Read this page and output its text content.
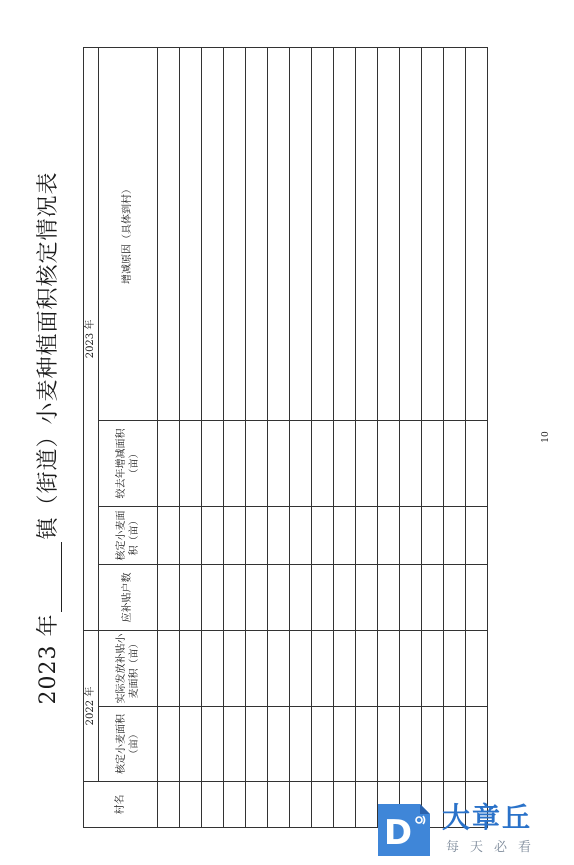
2023 年镇（街道）小麦种植面积核定情况表
村名	2022 年		2023 年			
	核定小麦面积（亩）	实际发放补贴小麦面积（亩）	应补贴户数	核定小麦面积（亩）	较去年增减面积（亩）	增减原因（具体到村）

10
D 大章丘
每天必看
